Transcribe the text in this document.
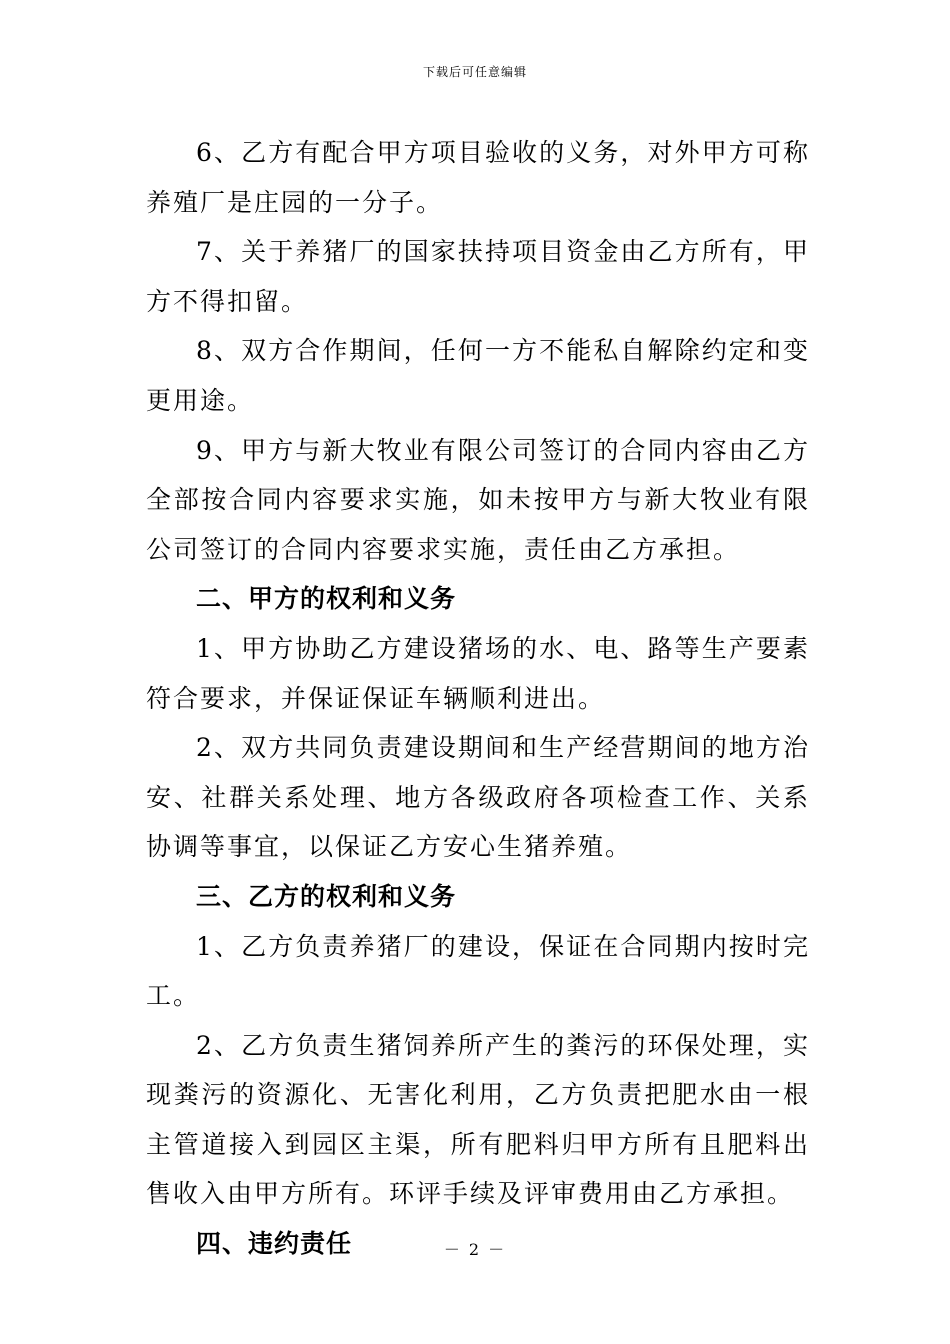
下载后可任意编辑

6、乙方有配合甲方项目验收的义务，对外甲方可称养殖厂是庄园的一分子。

7、关于养猪厂的国家扶持项目资金由乙方所有，甲方不得扣留。

8、双方合作期间，任何一方不能私自解除约定和变更用途。

9、甲方与新大牧业有限公司签订的合同内容由乙方全部按合同内容要求实施，如未按甲方与新大牧业有限公司签订的合同内容要求实施，责任由乙方承担。

二、甲方的权利和义务

1、甲方协助乙方建设猪场的水、电、路等生产要素符合要求，并保证保证车辆顺利进出。

2、双方共同负责建设期间和生产经营期间的地方治安、社群关系处理、地方各级政府各项检查工作、关系协调等事宜，以保证乙方安心生猪养殖。

三、乙方的权利和义务

1、乙方负责养猪厂的建设，保证在合同期内按时完工。

2、乙方负责生猪饲养所产生的粪污的环保处理，实现粪污的资源化、无害化利用，乙方负责把肥水由一根主管道接入到园区主渠，所有肥料归甲方所有且肥料出售收入由甲方所有。环评手续及评审费用由乙方承担。

四、违约责任	－ 2 －
